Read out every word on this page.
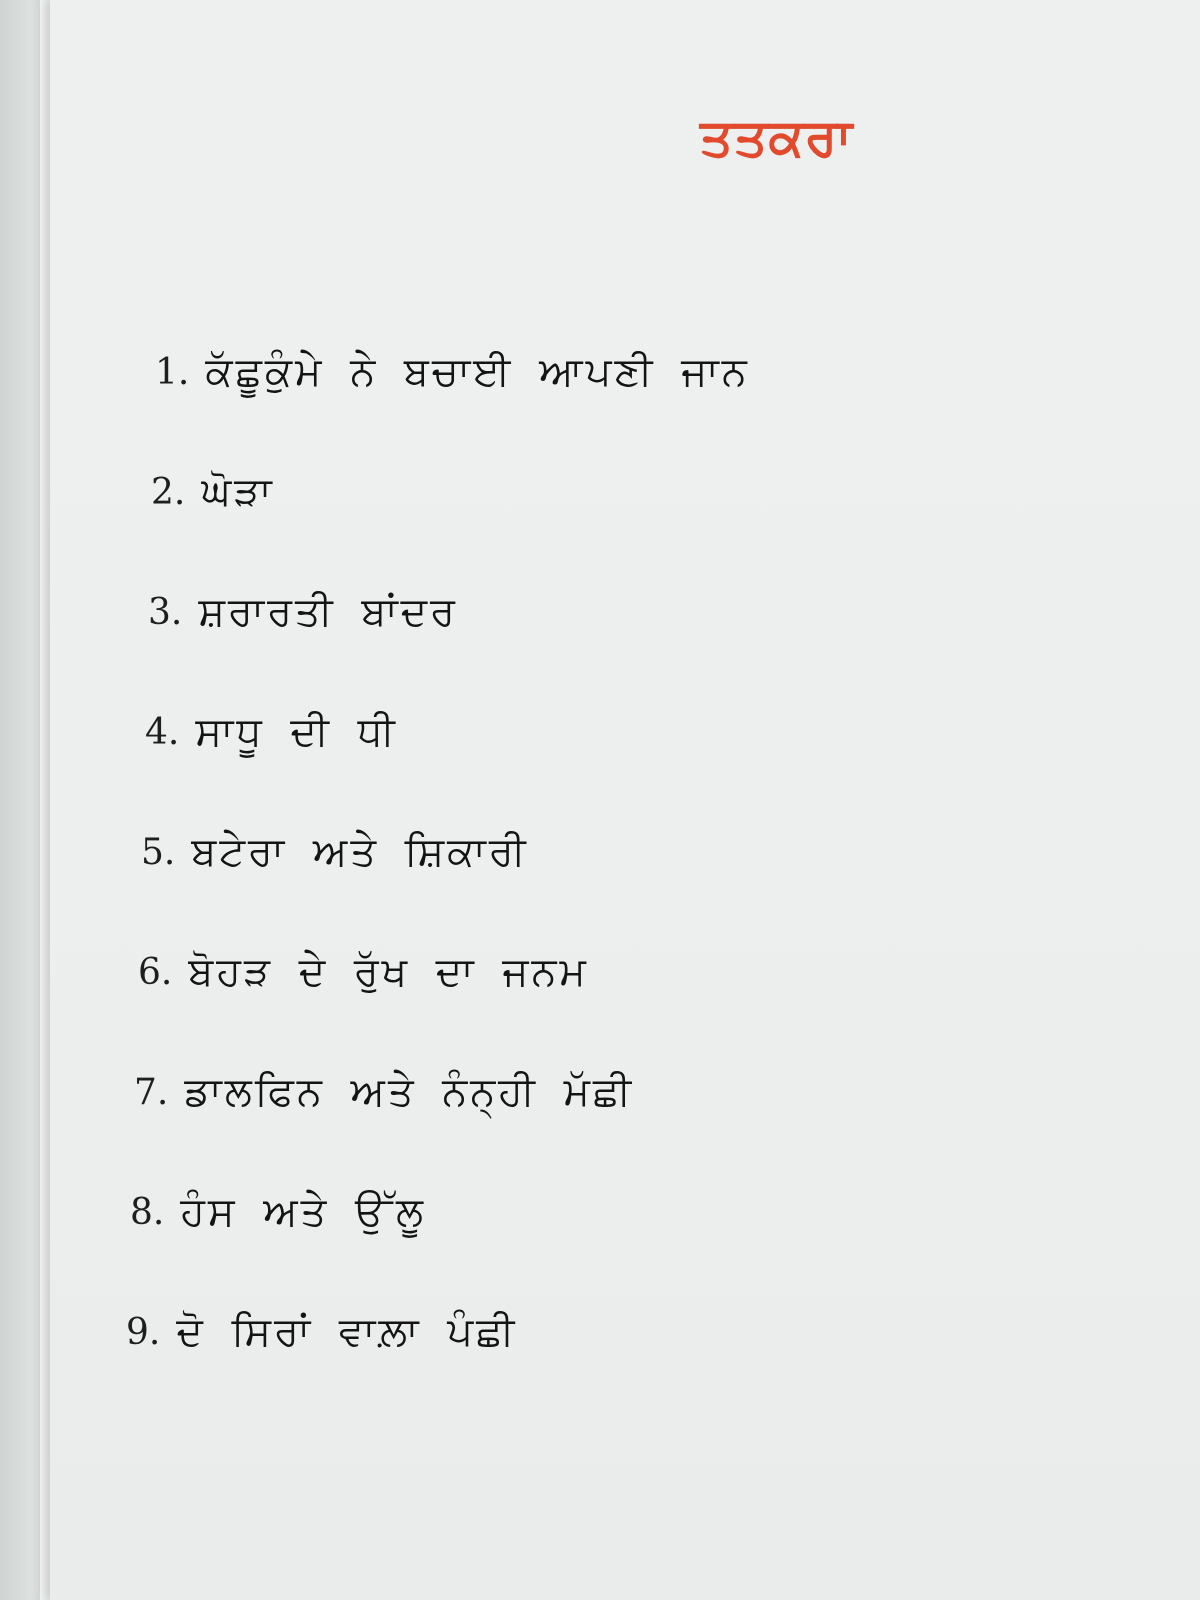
ਤਤਕਰਾ
1. ਕੱਛੂਕੁੰਮੇ ਨੇ ਬਚਾਈ ਆਪਣੀ ਜਾਨ
2. ਘੋੜਾ
3. ਸ਼ਰਾਰਤੀ ਬਾਂਦਰ
4. ਸਾਧੂ ਦੀ ਧੀ
5. ਬਟੇਰਾ ਅਤੇ ਸ਼ਿਕਾਰੀ
6. ਬੋਹੜ ਦੇ ਰੁੱਖ ਦਾ ਜਨਮ
7. ਡਾਲਫਿਨ ਅਤੇ ਨੰਨ੍ਹੀ ਮੱਛੀ
8. ਹੰਸ ਅਤੇ ਉੱਲੂ
9. ਦੋ ਸਿਰਾਂ ਵਾਲ਼ਾ ਪੰਛੀ
